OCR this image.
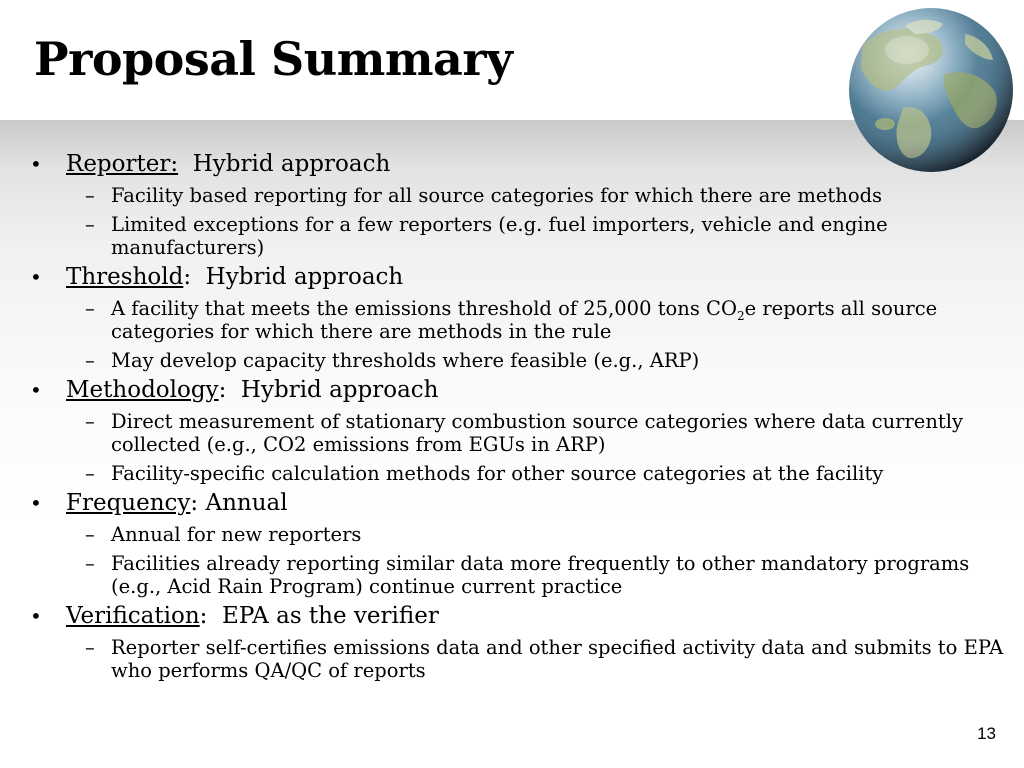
Proposal Summary
• Reporter:  Hybrid approach
– Facility based reporting for all source categories for which there are methods
– Limited exceptions for a few reporters (e.g. fuel importers, vehicle and engine manufacturers)
• Threshold:  Hybrid approach
– A facility that meets the emissions threshold of 25,000 tons $CO_2e$ reports all source categories for which there are methods in the rule
– May develop capacity thresholds where feasible (e.g., ARP)
• Methodology:  Hybrid approach
– Direct measurement of stationary combustion source categories where data currently collected (e.g., CO2 emissions from EGUs in ARP)
– Facility-specific calculation methods for other source categories at the facility
• Frequency: Annual
– Annual for new reporters
– Facilities already reporting similar data more frequently to other mandatory programs (e.g., Acid Rain Program) continue current practice
• Verification:  EPA as the verifier
– Reporter self-certifies emissions data and other specified activity data and submits to EPA who performs QA/QC of reports
13
